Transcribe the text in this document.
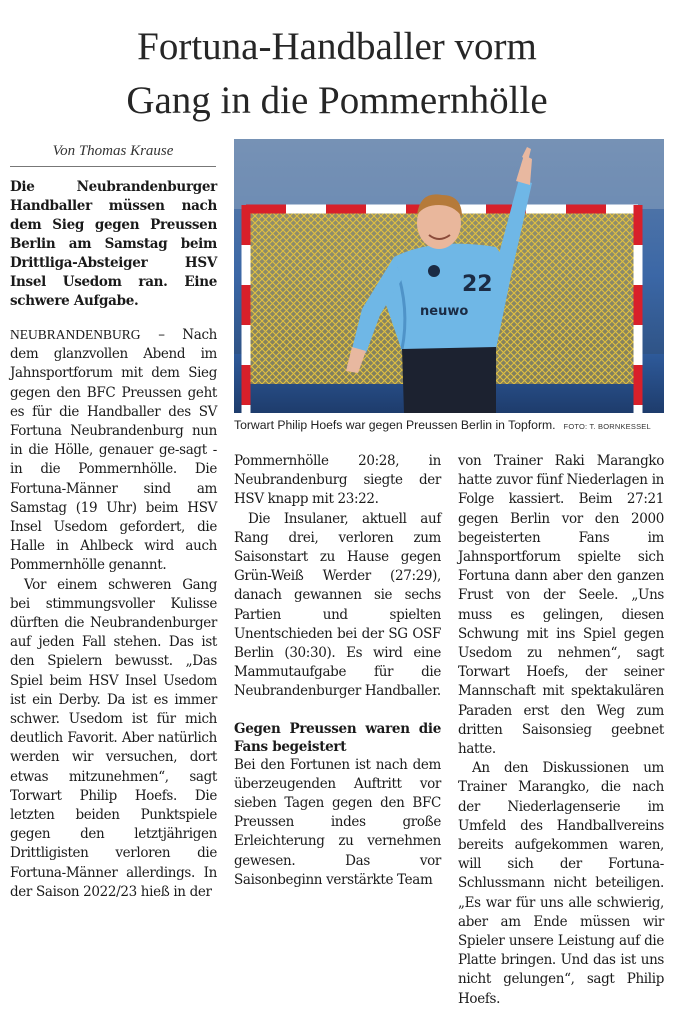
Fortuna-Handballer vorm
Gang in die Pommernhölle
Von Thomas Krause

Die Neubrandenburger Handballer müssen nach dem Sieg gegen Preussen Berlin am Samstag beim Drittliga-Absteiger HSV Insel Usedom ran. Eine schwere Aufgabe.

22
neuwo
Torwart Philip Hoefs war gegen Preussen Berlin in Topform. FOTO: T. BORNKESSEL

NEUBRANDENBURG – Nach dem glanzvollen Abend im Jahnsportforum mit dem Sieg gegen den BFC Preussen geht es für die Handballer des SV Fortuna Neubrandenburg nun in die Hölle, genauer ge-sagt - in die Pommernhölle. Die Fortuna-Männer sind am Samstag (19 Uhr) beim HSV Insel Usedom gefordert, die Halle in Ahlbeck wird auch Pommernhölle genannt.

Vor einem schweren Gang bei stimmungsvoller Kulisse dürften die Neubrandenburger auf jeden Fall stehen. Das ist den Spielern bewusst. „Das Spiel beim HSV Insel Usedom ist ein Derby. Da ist es immer schwer. Usedom ist für mich deutlich Favorit. Aber natürlich werden wir versuchen, dort etwas mitzunehmen“, sagt Torwart Philip Hoefs. Die letzten beiden Punktspiele gegen den letztjährigen Drittligisten verloren die Fortuna-Männer allerdings. In der Saison 2022/23 hieß in der

Pommernhölle 20:28, in Neubrandenburg siegte der HSV knapp mit 23:22.

Die Insulaner, aktuell auf Rang drei, verloren zum Saisonstart zu Hause gegen Grün-Weiß Werder (27:29), danach gewannen sie sechs Partien und spielten Unentschieden bei der SG OSF Berlin (30:30). Es wird eine Mammutaufgabe für die Neubrandenburger Handballer.

Gegen Preussen waren die Fans begeistert

Bei den Fortunen ist nach dem überzeugenden Auftritt vor sieben Tagen gegen den BFC Preussen indes große Erleichterung zu vernehmen gewesen. Das vor Saisonbeginn verstärkte Team

von Trainer Raki Marangko hatte zuvor fünf Niederlagen in Folge kassiert. Beim 27:21 gegen Berlin vor den 2000 begeisterten Fans im Jahnsportforum spielte sich Fortuna dann aber den ganzen Frust von der Seele. „Uns muss es gelingen, diesen Schwung mit ins Spiel gegen Usedom zu nehmen“, sagt Torwart Hoefs, der seiner Mannschaft mit spektakulären Paraden erst den Weg zum dritten Saisonsieg geebnet hatte.

An den Diskussionen um Trainer Marangko, die nach der Niederlagenserie im Umfeld des Handballvereins bereits aufgekommen waren, will sich der Fortuna-Schlussmann nicht beteiligen. „Es war für uns alle schwierig, aber am Ende müssen wir Spieler unsere Leistung auf die Platte bringen. Und das ist uns nicht gelungen“, sagt Philip Hoefs.
